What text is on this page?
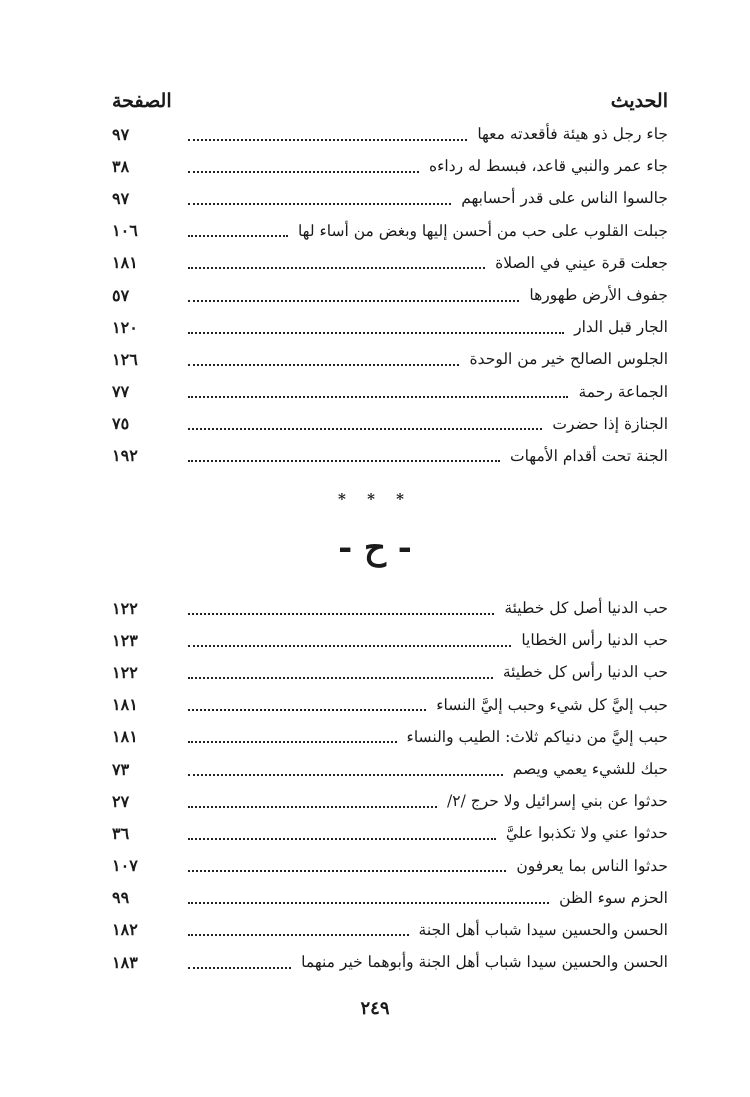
الحديث
الصفحة
جاء رجل ذو هيئة فأقعدته معها
٩٧
جاء عمر والنبي قاعد، فبسط له رداءه
٣٨
جالسوا الناس على قدر أحسابهم
٩٧
جبلت القلوب على حب من أحسن إليها وبغض من أساء لها
١٠٦
جعلت قرة عيني في الصلاة
١٨١
جفوف الأرض طهورها
٥٧
الجار قبل الدار
١٢٠
الجلوس الصالح خير من الوحدة
١٢٦
الجماعة رحمة
٧٧
الجنازة إذا حضرت
٧٥
الجنة تحت أقدام الأمهات
١٩٢
* * *
- ح -
حب الدنيا أصل كل خطيئة
١٢٢
حب الدنيا رأس الخطايا
١٢٣
حب الدنيا رأس كل خطيئة
١٢٢
حبب إليَّ كل شيء وحبب إليَّ النساء
١٨١
حبب إليَّ من دنياكم ثلاث: الطيب والنساء
١٨١
حبك للشيء يعمي ويصم
٧٣
حدثوا عن بني إسرائيل ولا حرج /٢/
٢٧
حدثوا عني ولا تكذبوا عليَّ
٣٦
حدثوا الناس بما يعرفون
١٠٧
الحزم سوء الظن
٩٩
الحسن والحسين سيدا شباب أهل الجنة
١٨٢
الحسن والحسين سيدا شباب أهل الجنة وأبوهما خير منهما
١٨٣
٢٤٩
